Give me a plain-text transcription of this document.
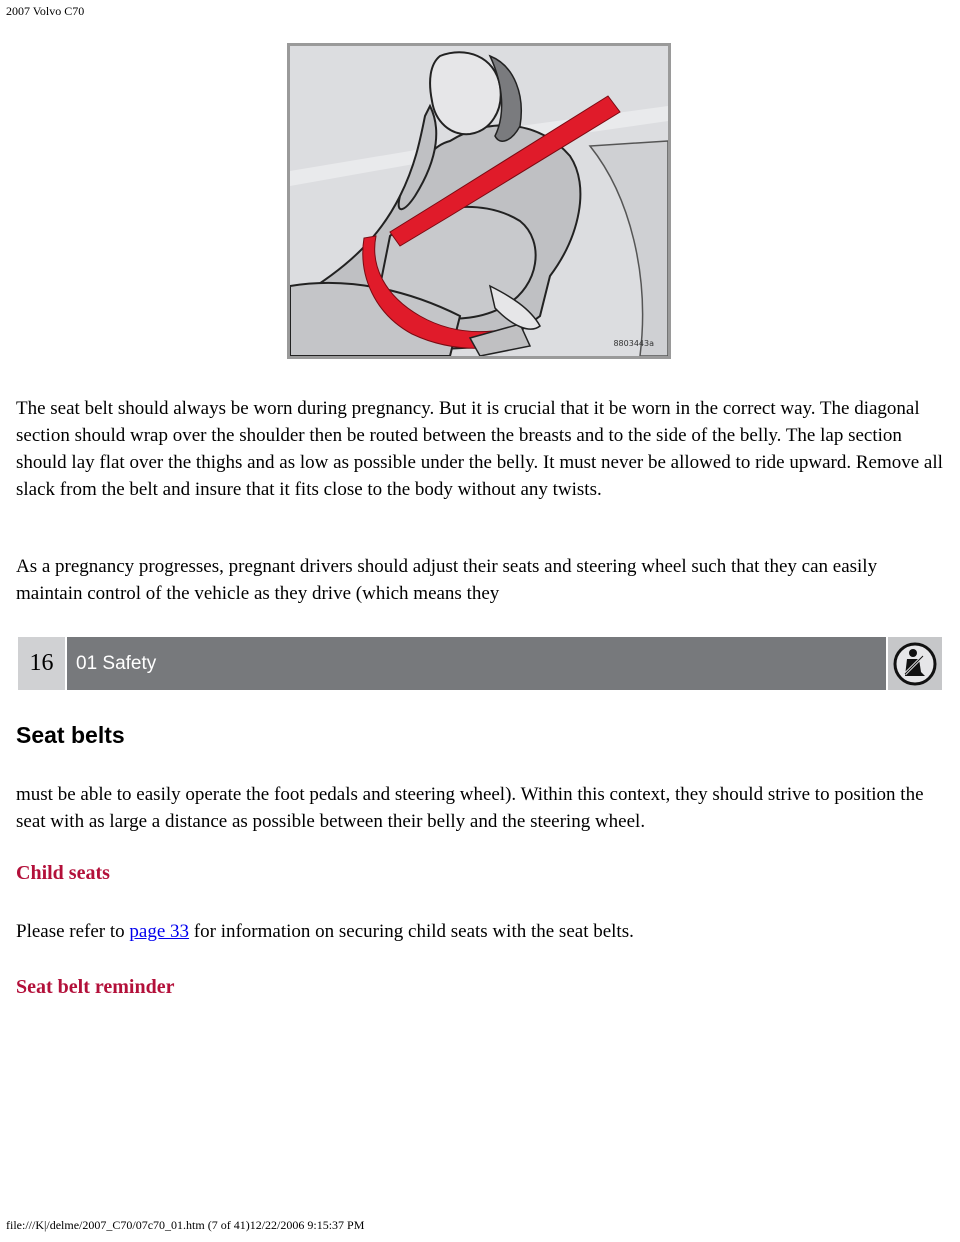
2007 Volvo C70
8803443a

The seat belt should always be worn during pregnancy. But it is crucial that it be worn in the correct way. The diagonal section should wrap over the shoulder then be routed between the breasts and to the side of the belly. The lap section should lay flat over the thighs and as low as possible under the belly. It must never be allowed to ride upward. Remove all slack from the belt and insure that it fits close to the body without any twists.

As a pregnancy progresses, pregnant drivers should adjust their seats and steering wheel such that they can easily maintain control of the vehicle as they drive (which means they

16	01 Safety
Seat belts

must be able to easily operate the foot pedals and steering wheel). Within this context, they should strive to position the seat with as large a distance as possible between their belly and the steering wheel.

Child seats

Please refer to page 33 for information on securing child seats with the seat belts.

Seat belt reminder
file:///K|/delme/2007_C70/07c70_01.htm (7 of 41)12/22/2006 9:15:37 PM
